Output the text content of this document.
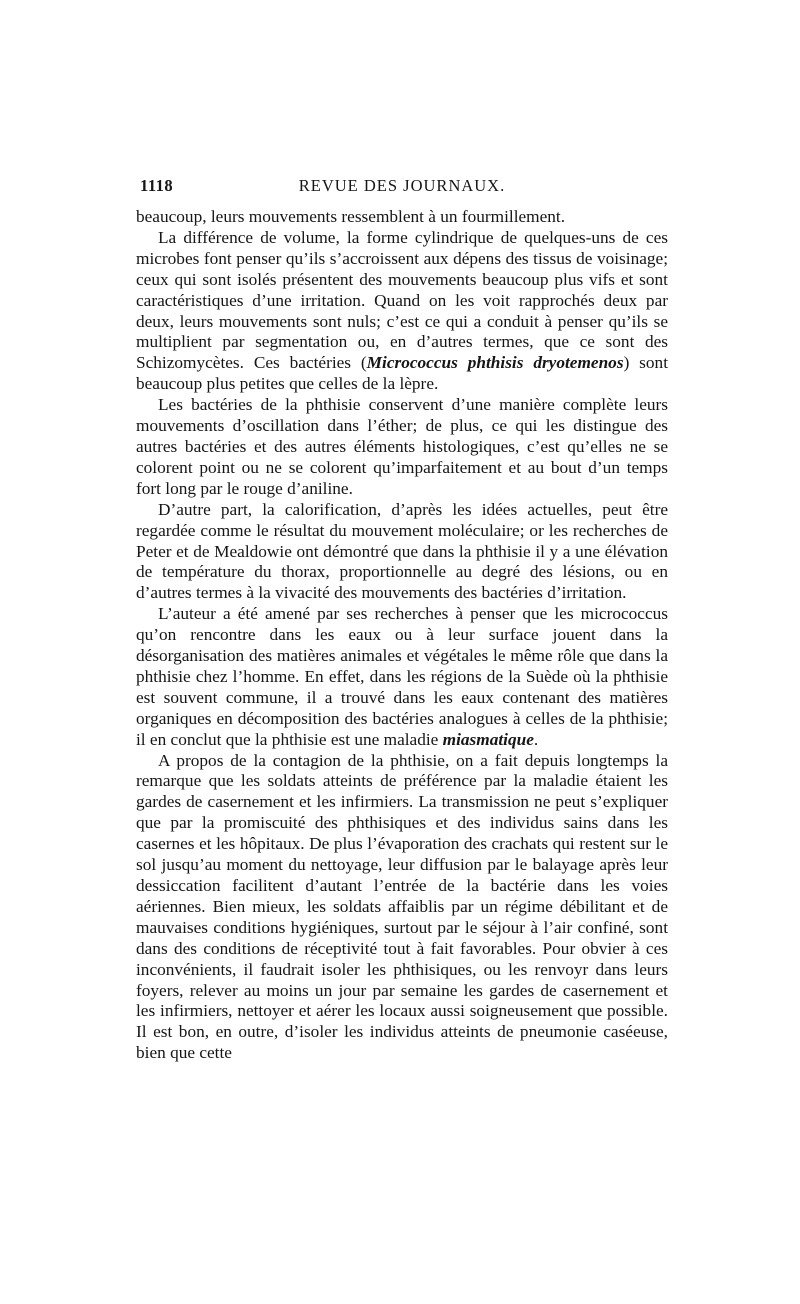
1118	REVUE DES JOURNAUX.

beaucoup, leurs mouvements ressemblent à un fourmillement.

La différence de volume, la forme cylindrique de quelques-uns de ces microbes font penser qu’ils s’accroissent aux dépens des tissus de voisinage; ceux qui sont isolés présentent des mouvements beaucoup plus vifs et sont caractéristiques d’une irritation. Quand on les voit rapprochés deux par deux, leurs mouvements sont nuls; c’est ce qui a conduit à penser qu’ils se multiplient par segmentation ou, en d’autres termes, que ce sont des Schizomycètes. Ces bactéries (Micrococcus phthisis dryotemenos) sont beaucoup plus petites que celles de la lèpre.

Les bactéries de la phthisie conservent d’une manière complète leurs mouvements d’oscillation dans l’éther; de plus, ce qui les distingue des autres bactéries et des autres éléments histologiques, c’est qu’elles ne se colorent point ou ne se colorent qu’imparfaitement et au bout d’un temps fort long par le rouge d’aniline.

D’autre part, la calorification, d’après les idées actuelles, peut être regardée comme le résultat du mouvement moléculaire; or les recherches de Peter et de Mealdowie ont démontré que dans la phthisie il y a une élévation de température du thorax, proportionnelle au degré des lésions, ou en d’autres termes à la vivacité des mouvements des bactéries d’irritation.

L’auteur a été amené par ses recherches à penser que les micrococcus qu’on rencontre dans les eaux ou à leur surface jouent dans la désorganisation des matières animales et végétales le même rôle que dans la phthisie chez l’homme. En effet, dans les régions de la Suède où la phthisie est souvent commune, il a trouvé dans les eaux contenant des matières organiques en décomposition des bactéries analogues à celles de la phthisie; il en conclut que la phthisie est une maladie miasmatique.

A propos de la contagion de la phthisie, on a fait depuis longtemps la remarque que les soldats atteints de préférence par la maladie étaient les gardes de casernement et les infirmiers. La transmission ne peut s’expliquer que par la promiscuité des phthisiques et des individus sains dans les casernes et les hôpitaux. De plus l’évaporation des crachats qui restent sur le sol jusqu’au moment du nettoyage, leur diffusion par le balayage après leur dessiccation facilitent d’autant l’entrée de la bactérie dans les voies aériennes. Bien mieux, les soldats affaiblis par un régime débilitant et de mauvaises conditions hygiéniques, surtout par le séjour à l’air confiné, sont dans des conditions de réceptivité tout à fait favorables. Pour obvier à ces inconvénients, il faudrait isoler les phthisiques, ou les renvoyr dans leurs foyers, relever au moins un jour par semaine les gardes de casernement et les infirmiers, nettoyer et aérer les locaux aussi soigneusement que possible. Il est bon, en outre, d’isoler les individus atteints de pneumonie caséeuse, bien que cette
